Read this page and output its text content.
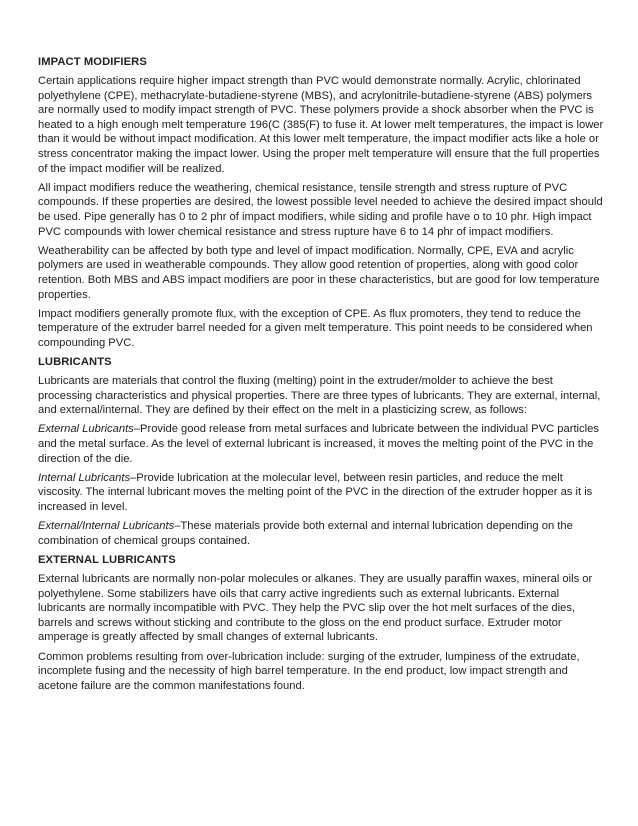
IMPACT MODIFIERS

Certain applications require higher impact strength than PVC would demonstrate normally. Acrylic, chlorinated polyethylene (CPE), methacrylate-butadiene-styrene (MBS), and acrylonitrile-butadiene-styrene (ABS) polymers are normally used to modify impact strength of PVC. These polymers provide a shock absorber when the PVC is heated to a high enough melt temperature 196(C (385(F) to fuse it. At lower melt temperatures, the impact is lower than it would be without impact modification. At this lower melt temperature, the impact modifier acts like a hole or stress concentrator making the impact lower. Using the proper melt temperature will ensure that the full properties of the impact modifier will be realized.

All impact modifiers reduce the weathering, chemical resistance, tensile strength and stress rupture of PVC compounds. If these properties are desired, the lowest possible level needed to achieve the desired impact should be used. Pipe generally has 0 to 2 phr of impact modifiers, while siding and profile have o to 10 phr. High impact PVC compounds with lower chemical resistance and stress rupture have 6 to 14 phr of impact modifiers.

Weatherability can be affected by both type and level of impact modification. Normally, CPE, EVA and acrylic polymers are used in weatherable compounds. They allow good retention of properties, along with good color retention. Both MBS and ABS impact modifiers are poor in these characteristics, but are good for low temperature properties.

Impact modifiers generally promote flux, with the exception of CPE. As flux promoters, they tend to reduce the temperature of the extruder barrel needed for a given melt temperature. This point needs to be considered when compounding PVC.

LUBRICANTS

Lubricants are materials that control the fluxing (melting) point in the extruder/molder to achieve the best processing characteristics and physical properties. There are three types of lubricants. They are external, internal, and external/internal. They are defined by their effect on the melt in a plasticizing screw, as follows:

External Lubricants–Provide good release from metal surfaces and lubricate between the individual PVC particles and the metal surface. As the level of external lubricant is increased, it moves the melting point of the PVC in the direction of the die.

Internal Lubricants–Provide lubrication at the molecular level, between resin particles, and reduce the melt viscosity. The internal lubricant moves the melting point of the PVC in the direction of the extruder hopper as it is increased in level.

External/Internal Lubricants–These materials provide both external and internal lubrication depending on the combination of chemical groups contained.

EXTERNAL LUBRICANTS

External lubricants are normally non-polar molecules or alkanes. They are usually paraffin waxes, mineral oils or polyethylene. Some stabilizers have oils that carry active ingredients such as external lubricants. External lubricants are normally incompatible with PVC. They help the PVC slip over the hot melt surfaces of the dies, barrels and screws without sticking and contribute to the gloss on the end product surface. Extruder motor amperage is greatly affected by small changes of external lubricants.

Common problems resulting from over-lubrication include: surging of the extruder, lumpiness of the extrudate, incomplete fusing and the necessity of high barrel temperature. In the end product, low impact strength and acetone failure are the common manifestations found.
